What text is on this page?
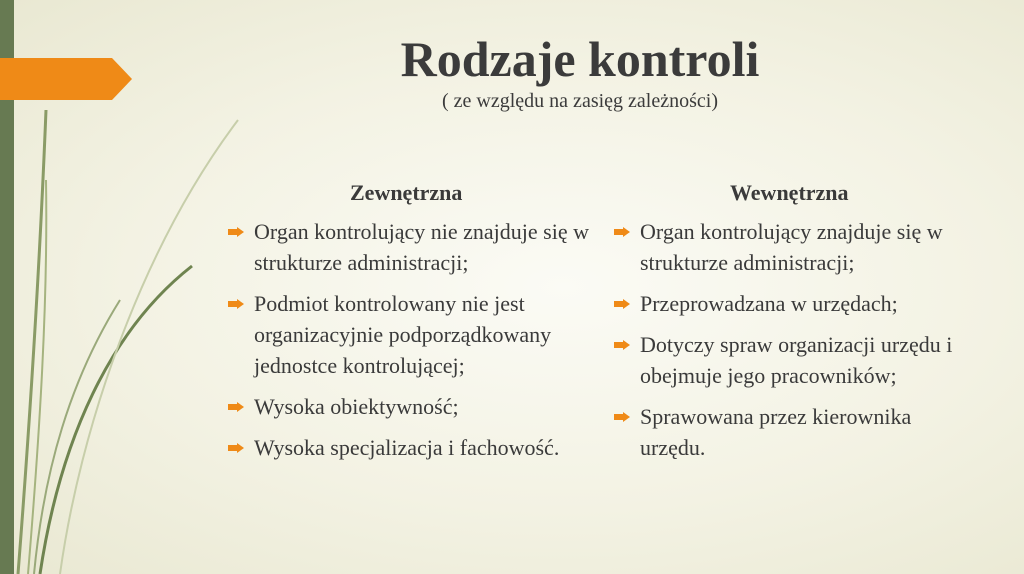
Rodzaje kontroli

( ze względu na zasięg zależności)

Zewnętrzna
Organ kontrolujący nie znajduje się w strukturze administracji;
Podmiot kontrolowany nie jest organizacyjnie podporządkowany jednostce kontrolującej;
Wysoka obiektywność;
Wysoka specjalizacja i fachowość.
Wewnętrzna
Organ kontrolujący znajduje się w strukturze administracji;
Przeprowadzana w urzędach;
Dotyczy spraw organizacji urzędu i obejmuje jego pracowników;
Sprawowana przez kierownika urzędu.
